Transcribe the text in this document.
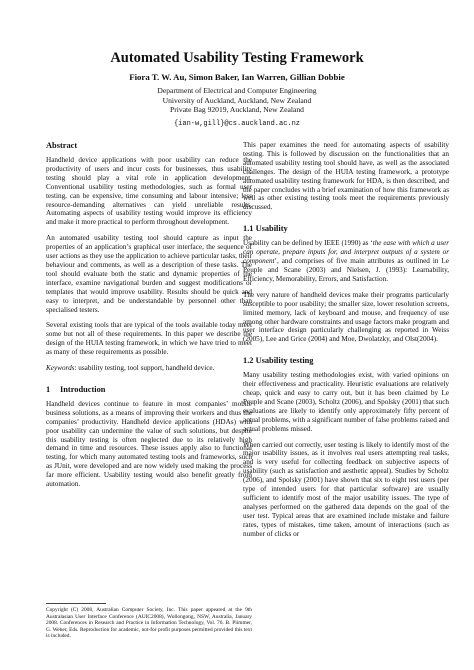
Automated Usability Testing Framework
Fiora T. W. Au, Simon Baker, Ian Warren, Gillian Dobbie
Department of Electrical and Computer Engineering
University of Auckland, Auckland, New Zealand
Private Bag 92019, Auckland, New Zealand
{ian-w,gill}@cs.auckland.ac.nz
Abstract

Handheld device applications with poor usability can reduce the productivity of users and incur costs for businesses, thus usability testing should play a vital role in application development. Conventional usability testing methodologies, such as formal user testing, can be expensive, time consuming and labour intensive; less resource-demanding alternatives can yield unreliable results. Automating aspects of usability testing would improve its efficiency and make it more practical to perform throughout development.

An automated usability testing tool should capture as input the properties of an application’s graphical user interface, the sequence of user actions as they use the application to achieve particular tasks, their behaviour and comments, as well as a description of these tasks. The tool should evaluate both the static and dynamic properties of the interface, examine navigational burden and suggest modifications or templates that would improve usability. Results should be quick and easy to interpret, and be understandable by personnel other than specialised testers.

Several existing tools that are typical of the tools available today meet some but not all of these requirements. In this paper we describe the design of the HUIA testing framework, in which we have tried to meet as many of these requirements as possible.

Keywords: usability testing, tool support, handheld device.

1 Introduction

Handheld devices continue to feature in most companies’ mobile business solutions, as a means of improving their workers and thus the companies’ productivity. Handheld device applications (HDAs) with poor usability can undermine the value of such solutions, but despite this usability testing is often neglected due to its relatively high demand in time and resources. These issues apply also to functional testing, for which many automated testing tools and frameworks, such as JUnit, were developed and are now widely used making the process far more efficient. Usability testing would also benefit greatly from automation.

Copyright (C) 2008, Australian Computer Society, Inc. This paper appeared at the 9th Australasian User Interface Conference (AUIC2008), Wollongong, NSW, Australia, January 2008. Conferences in Research and Practice in Information Technology, Vol. 76. B. Plimmer, G. Weber, Eds. Reproduction for academic, not-for profit purposes permitted provided this text is included.

This paper examines the need for automating aspects of usability testing. This is followed by discussion on the functionalities that an automated usability testing tool should have, as well as the associated challenges. The design of the HUIA testing framework, a prototype automated usability testing framework for HDA, is then described, and the paper concludes with a brief examination of how this framework as well as other existing testing tools meet the requirements previously discussed.

1.1 Usability

Usability can be defined by IEEE (1990) as ‘the ease with which a user can operate, prepare inputs for, and interpret outputs of a system or component’, and comprises of five main attributes as outlined in Le Peuple and Scane (2003) and Nielsen, J. (1993): Learnability, Efficiency, Memorability, Errors, and Satisfaction.

The very nature of handheld devices make their programs particularly susceptible to poor usability; the smaller size, lower resolution screens, limited memory, lack of keyboard and mouse, and frequency of use among other hardware constraints and usage factors make program and user interface design particularly challenging as reported in Weiss (2005), Lee and Grice (2004) and Moe, Dwolatzky, and Olst(2004).

1.2 Usability testing

Many usability testing methodologies exist, with varied opinions on their effectiveness and practicality. Heuristic evaluations are relatively cheap, quick and easy to carry out, but it has been claimed by Le Peuple and Scane (2003), Scholtz (2006), and Spolsky (2001) that such evaluations are likely to identify only approximately fifty percent of actual problems, with a significant number of false problems raised and actual problems missed.

When carried out correctly, user testing is likely to identify most of the major usability issues, as it involves real users attempting real tasks, and is very useful for collecting feedback on subjective aspects of usability (such as satisfaction and aesthetic appeal). Studies by Scholtz (2006), and Spolsky (2001) have shown that six to eight test users (per type of intended users for that particular software) are usually sufficient to identify most of the major usability issues. The type of analyses performed on the gathered data depends on the goal of the user test. Typical areas that are examined include mistake and failure rates, types of mistakes, time taken, amount of interactions (such as number of clicks or
